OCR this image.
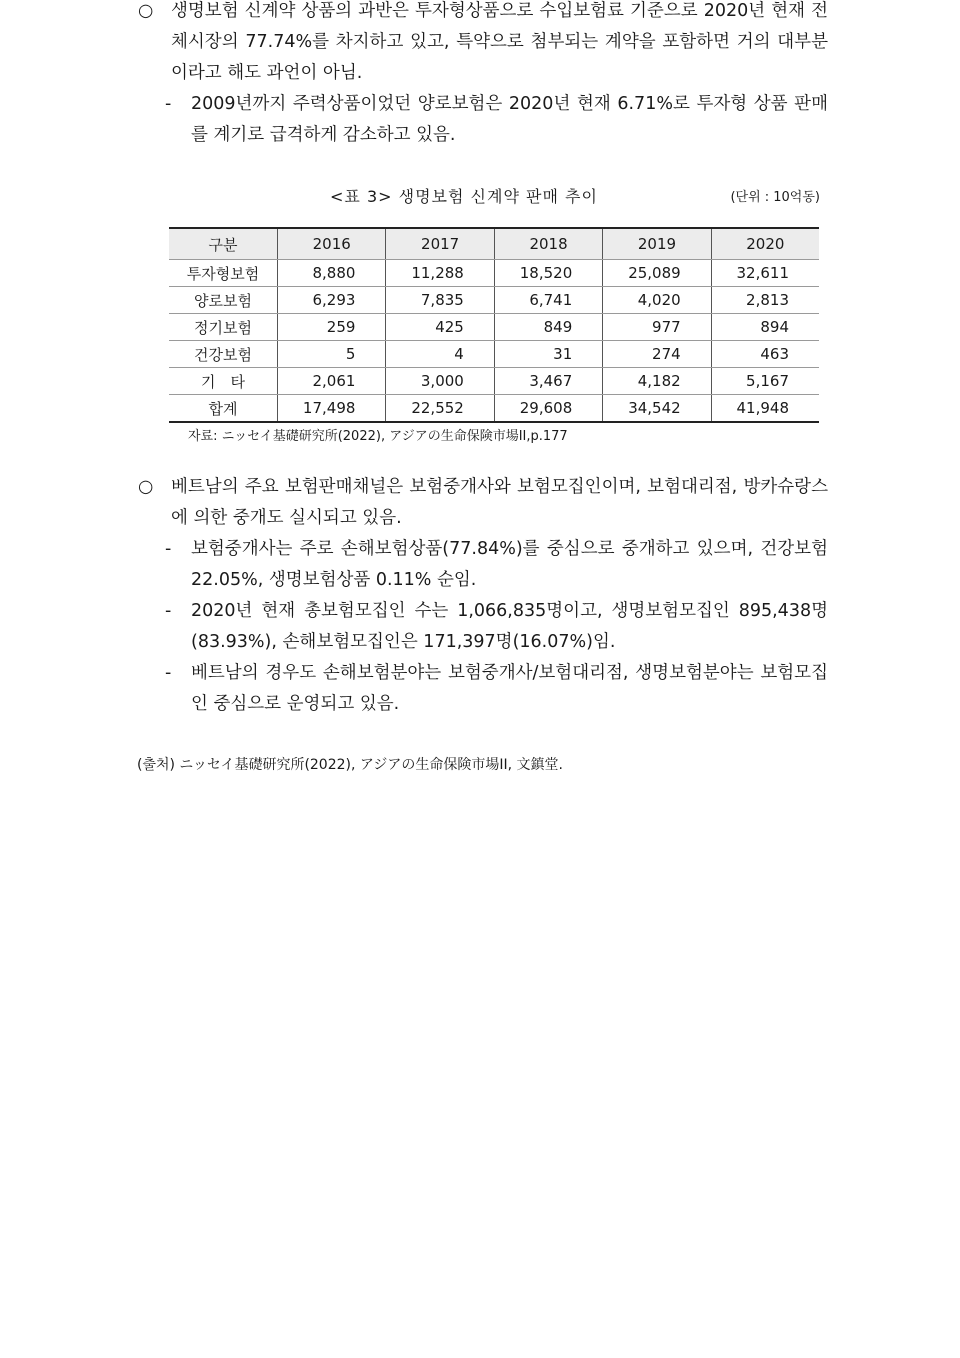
○	생명보험 신계약 상품의 과반은 투자형상품으로 수입보험료 기준으로 2020년 현재 전체시장의 77.74%를 차지하고 있고, 특약으로 첨부되는 계약을 포함하면 거의 대부분이라고 해도 과언이 아님.
-	2009년까지 주력상품이었던 양로보험은 2020년 현재 6.71%로 투자형 상품 판매를 계기로 급격하게 감소하고 있음.
<표 3> 생명보험 신계약 판매 추이	(단위 : 10억동)
구분	2016	2017	2018	2019	2020
투자형보험	8,880	11,288	18,520	25,089	32,611
양로보험	6,293	7,835	6,741	4,020	2,813
정기보험	259	425	849	977	894
건강보험	5	4	31	274	463
기　타	2,061	3,000	3,467	4,182	5,167
합계	17,498	22,552	29,608	34,542	41,948
자료: ニッセイ基礎研究所(2022), アジアの生命保険市場II,p.177
○	베트남의 주요 보험판매채널은 보험중개사와 보험모집인이며, 보험대리점, 방카슈랑스에 의한 중개도 실시되고 있음.
-	보험중개사는 주로 손해보험상품(77.84%)를 중심으로 중개하고 있으며, 건강보험 22.05%, 생명보험상품 0.11% 순임.
-	2020년 현재 총보험모집인 수는 1,066,835명이고, 생명보험모집인 895,438명(83.93%), 손해보험모집인은 171,397명(16.07%)임.
-	베트남의 경우도 손해보험분야는 보험중개사/보험대리점, 생명보험분야는 보험모집인 중심으로 운영되고 있음.
(출처) ニッセイ基礎研究所(2022), アジアの生命保険市場II, 文鎮堂.
